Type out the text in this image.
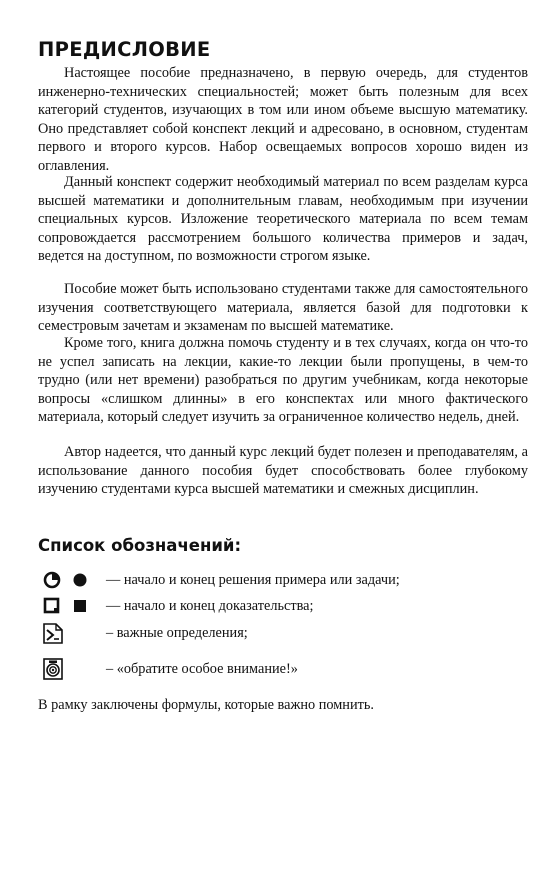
ПРЕДИСЛОВИЕ

Настоящее пособие предназначено, в первую очередь, для студентов инженерно-технических специальностей; может быть полезным для всех категорий студентов, изучающих в том или ином объеме высшую математику. Оно представляет собой конспект лекций и адресовано, в основном, студентам первого и второго курсов. Набор освещаемых вопросов хорошо виден из оглавления.

Данный конспект содержит необходимый материал по всем разделам курса высшей математики и дополнительным главам, необходимым при изучении специальных курсов. Изложение теоретического материала по всем темам сопровождается рассмотрением большого количества примеров и задач, ведется на доступном, по возможности строгом языке.

Пособие может быть использовано студентами также для самостоятельного изучения соответствующего материала, является базой для подготовки к семестровым зачетам и экзаменам по высшей математике.

Кроме того, книга должна помочь студенту и в тех случаях, когда он что-то не успел записать на лекции, какие-то лекции были пропущены, в чем-то трудно (или нет времени) разобраться по другим учебникам, когда некоторые вопросы «слишком длинны» в его конспектах или много фактического материала, который следует изучить за ограниченное количество недель, дней.

Автор надеется, что данный курс лекций будет полезен и преподавателям, а использование данного пособия будет способствовать более глубокому изучению студентами курса высшей математики и смежных дисциплин.

Список обозначений:
— начало и конец решения примера или задачи;
— начало и конец доказательства;
– важные определения;
– «обратите особое внимание!»

В рамку заключены формулы, которые важно помнить.
